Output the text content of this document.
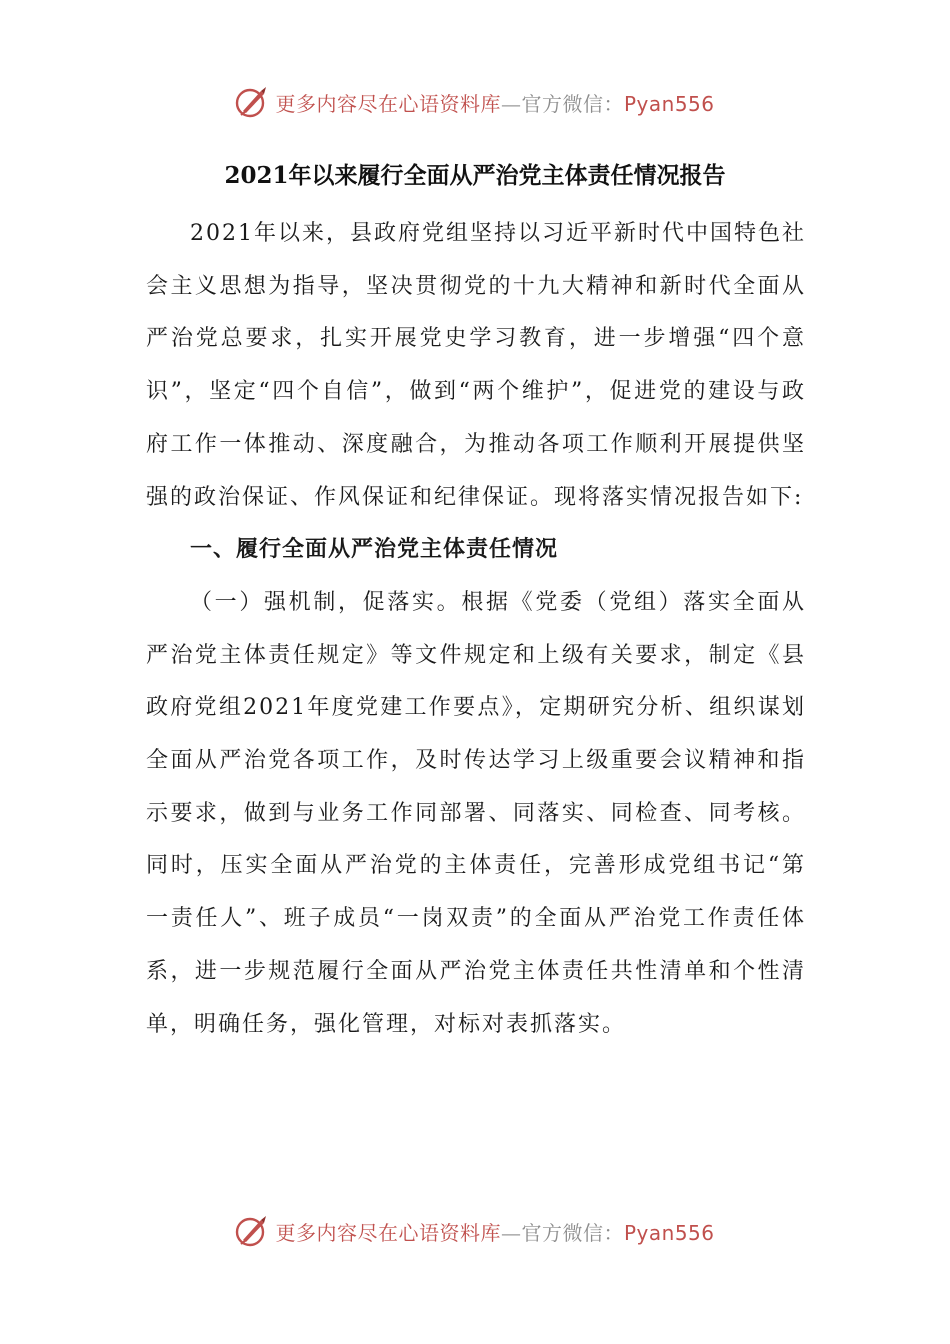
更多内容尽在心语资料库—官方微信：Pyan556
2021年以来履行全面从严治党主体责任情况报告

2021年以来，县政府党组坚持以习近平新时代中国特色社会主义思想为指导，坚决贯彻党的十九大精神和新时代全面从严治党总要求，扎实开展党史学习教育，进一步增强“四个意识”，坚定“四个自信”，做到“两个维护”，促进党的建设与政府工作一体推动、深度融合，为推动各项工作顺利开展提供坚强的政治保证、作风保证和纪律保证。现将落实情况报告如下:

一、履行全面从严治党主体责任情况

（一）强机制，促落实。根据《党委（党组）落实全面从严治党主体责任规定》等文件规定和上级有关要求，制定《县政府党组2021年度党建工作要点》，定期研究分析、组织谋划全面从严治党各项工作，及时传达学习上级重要会议精神和指示要求，做到与业务工作同部署、同落实、同检查、同考核。同时，压实全面从严治党的主体责任，完善形成党组书记“第一责任人”、班子成员“一岗双责”的全面从严治党工作责任体系，进一步规范履行全面从严治党主体责任共性清单和个性清单，明确任务，强化管理，对标对表抓落实。

更多内容尽在心语资料库—官方微信：Pyan556
